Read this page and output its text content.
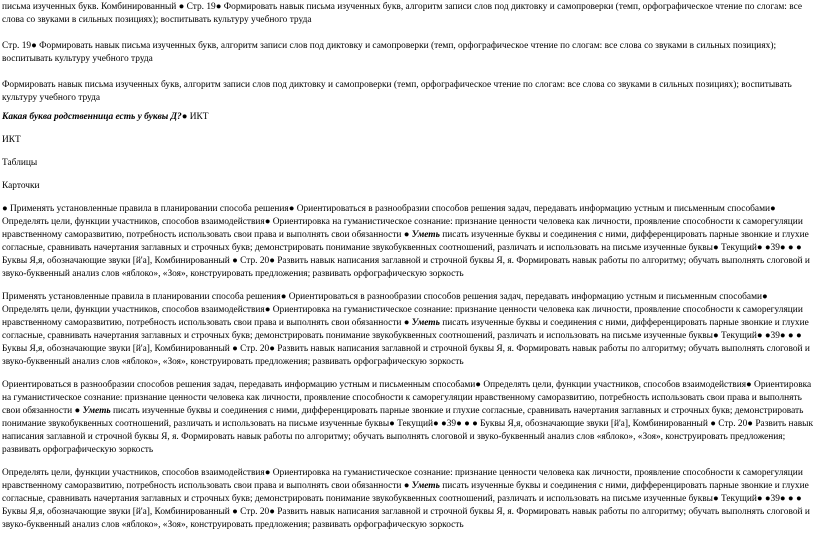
письма изученных букв. Комбинированный ● Стр. 19● Формировать навык письма изученных букв, алгоритм записи слов под диктовку и самопроверки (темп, орфографическое чтение по слогам: все слова со звуками в сильных позициях); воспитывать культуру учебного труда

Стр. 19● Формировать навык письма изученных букв, алгоритм записи слов под диктовку и самопроверки (темп, орфографическое чтение по слогам: все слова со звуками в сильных позициях); воспитывать культуру учебного труда

Формировать навык письма изученных букв, алгоритм записи слов под диктовку и самопроверки (темп, орфографическое чтение по слогам: все слова со звуками в сильных позициях); воспитывать культуру учебного труда

Какая буква родственница есть у буквы Д?● ИКТ

ИКТ

Таблицы

Карточки

● Применять установленные правила в планировании способа решения● Ориентироваться в разнообразии способов решения задач, передавать информацию устным и письменным способами● Определять цели, функции участников, способов взаимодействия● Ориентировка на гуманистическое сознание: признание ценности человека как личности, проявление способности к саморегуляции нравственному саморазвитию, потребность использовать свои права и выполнять свои обязанности ● Уметь писать изученные буквы и соединения с ними, дифференцировать парные звонкие и глухие согласные, сравнивать начертания заглавных и строчных букв; демонстрировать понимание звукобуквенных соотношений, различать и использовать на письме изученные буквы● Текущий● ●39● ● ● Буквы Я,я, обозначающие звуки [й'а], Комбинированный ● Стр. 20● Развить навык написания заглавной и строчной буквы Я, я. Формировать навык работы по алгоритму; обучать выполнять слоговой и звуко-буквенный анализ слов «яблоко», «Зоя», конструировать предложения; развивать орфографическую зоркость

Применять установленные правила в планировании способа решения● Ориентироваться в разнообразии способов решения задач, передавать информацию устным и письменным способами● Определять цели, функции участников, способов взаимодействия● Ориентировка на гуманистическое сознание: признание ценности человека как личности, проявление способности к саморегуляции нравственному саморазвитию, потребность использовать свои права и выполнять свои обязанности ● Уметь писать изученные буквы и соединения с ними, дифференцировать парные звонкие и глухие согласные, сравнивать начертания заглавных и строчных букв; демонстрировать понимание звукобуквенных соотношений, различать и использовать на письме изученные буквы● Текущий● ●39● ● ● Буквы Я,я, обозначающие звуки [й'а], Комбинированный ● Стр. 20● Развить навык написания заглавной и строчной буквы Я, я. Формировать навык работы по алгоритму; обучать выполнять слоговой и звуко-буквенный анализ слов «яблоко», «Зоя», конструировать предложения; развивать орфографическую зоркость

Ориентироваться в разнообразии способов решения задач, передавать информацию устным и письменным способами● Определять цели, функции участников, способов взаимодействия● Ориентировка на гуманистическое сознание: признание ценности человека как личности, проявление способности к саморегуляции нравственному саморазвитию, потребность использовать свои права и выполнять свои обязанности ● Уметь писать изученные буквы и соединения с ними, дифференцировать парные звонкие и глухие согласные, сравнивать начертания заглавных и строчных букв; демонстрировать понимание звукобуквенных соотношений, различать и использовать на письме изученные буквы● Текущий● ●39● ● ● Буквы Я,я, обозначающие звуки [й'а], Комбинированный ● Стр. 20● Развить навык написания заглавной и строчной буквы Я, я. Формировать навык работы по алгоритму; обучать выполнять слоговой и звуко-буквенный анализ слов «яблоко», «Зоя», конструировать предложения; развивать орфографическую зоркость

Определять цели, функции участников, способов взаимодействия● Ориентировка на гуманистическое сознание: признание ценности человека как личности, проявление способности к саморегуляции нравственному саморазвитию, потребность использовать свои права и выполнять свои обязанности ● Уметь писать изученные буквы и соединения с ними, дифференцировать парные звонкие и глухие согласные, сравнивать начертания заглавных и строчных букв; демонстрировать понимание звукобуквенных соотношений, различать и использовать на письме изученные буквы● Текущий● ●39● ● ● Буквы Я,я, обозначающие звуки [й'а], Комбинированный ● Стр. 20● Развить навык написания заглавной и строчной буквы Я, я. Формировать навык работы по алгоритму; обучать выполнять слоговой и звуко-буквенный анализ слов «яблоко», «Зоя», конструировать предложения; развивать орфографическую зоркость
